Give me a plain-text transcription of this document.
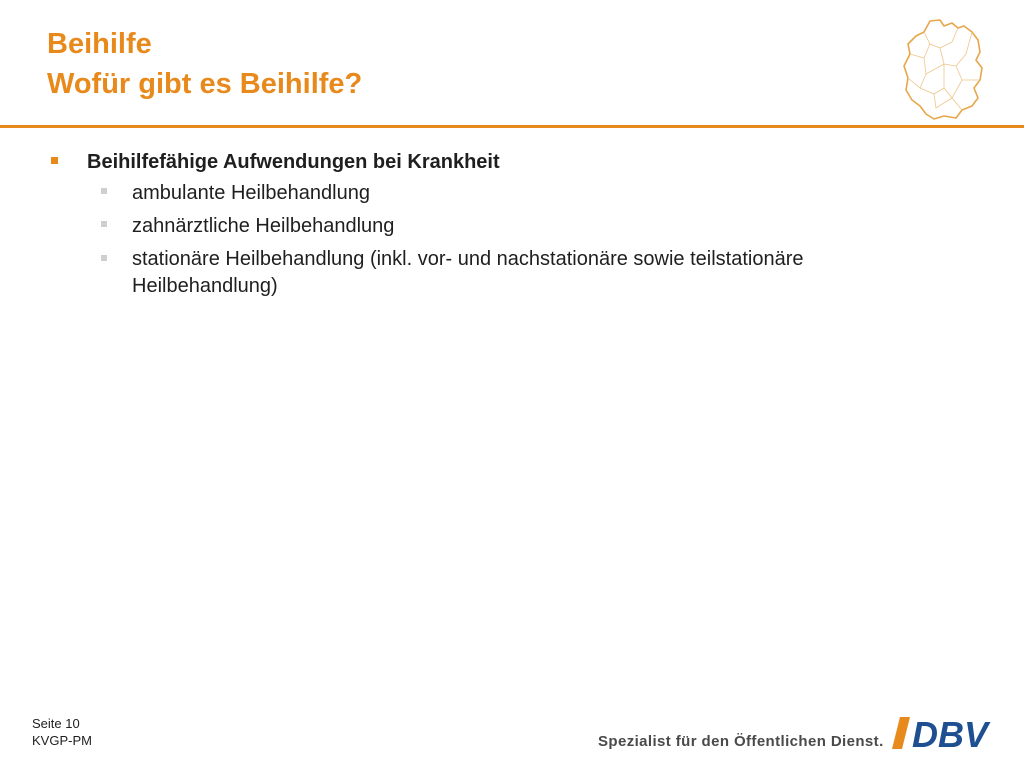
Beihilfe
Wofür gibt es Beihilfe?
Beihilfefähige Aufwendungen bei Krankheit
ambulante Heilbehandlung
zahnärztliche Heilbehandlung
stationäre Heilbehandlung (inkl. vor- und nachstationäre sowie teilstationäre Heilbehandlung)
Seite 10
KVGP-PM	Spezialist für den Öffentlichen Dienst. DBV
